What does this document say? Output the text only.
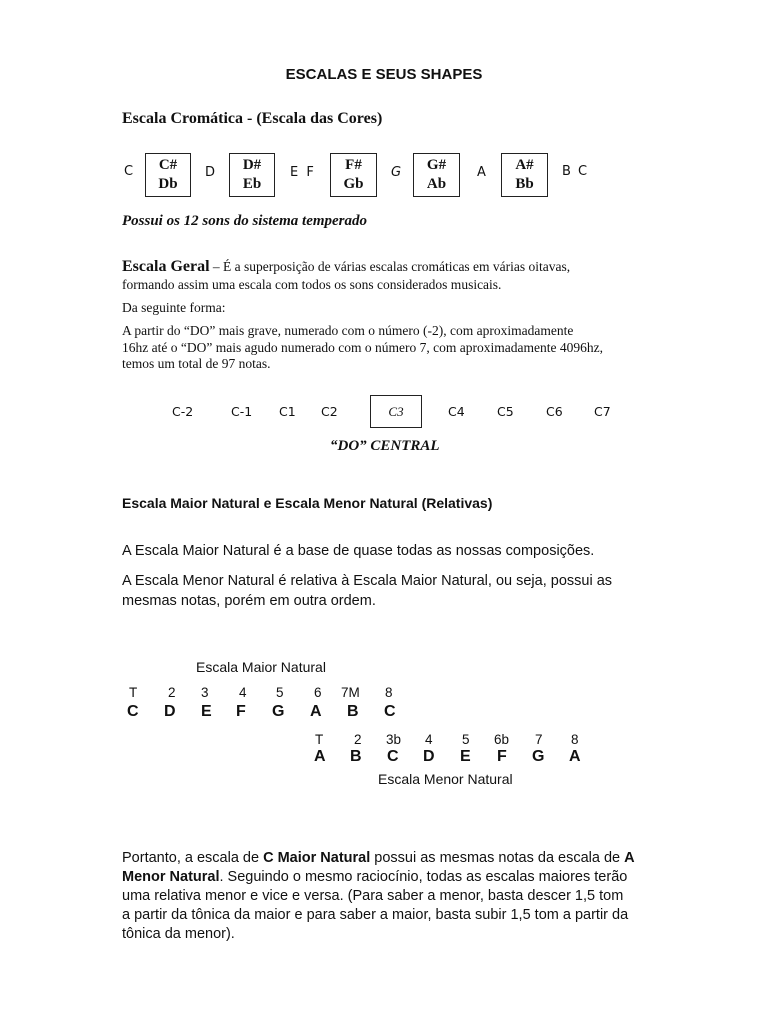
ESCALAS E SEUS SHAPES
Escala Cromática - (Escala das Cores)
C	C#
Db
D	D#
Eb
E F	F#
Gb
G	G#
Ab
A	A#
Bb
B C
Possui os 12 sons do sistema temperado
Escala Geral – É a superposição de várias escalas cromáticas em várias oitavas,
formando assim uma escala com todos os sons considerados musicais.
Da seguinte forma:
A partir do “DO” mais grave, numerado com o número (-2), com aproximadamente
16hz até o “DO” mais agudo numerado com o número 7, com aproximadamente 4096hz,
temos um total de 97 notas.
C-2	C-1 C1 C2	C3	C4	C5	C6	C7
“DO” CENTRAL
Escala Maior Natural e Escala Menor Natural (Relativas)
A Escala Maior Natural é a base de quase todas as nossas composições.
A Escala Menor Natural é relativa à Escala Maior Natural, ou seja, possui as
mesmas notas, porém em outra ordem.
Escala Maior Natural
T 2 3 4 5 6 7M 8
C D E F G A B C
T 2 3b 4 5 6b 7 8
A B C D E F G A
Escala Menor Natural
Portanto, a escala de C Maior Natural possui as mesmas notas da escala de A
Menor Natural. Seguindo o mesmo raciocínio, todas as escalas maiores terão
uma relativa menor e vice e versa. (Para saber a menor, basta descer 1,5 tom
a partir da tônica da maior e para saber a maior, basta subir 1,5 tom a partir da
tônica da menor).
